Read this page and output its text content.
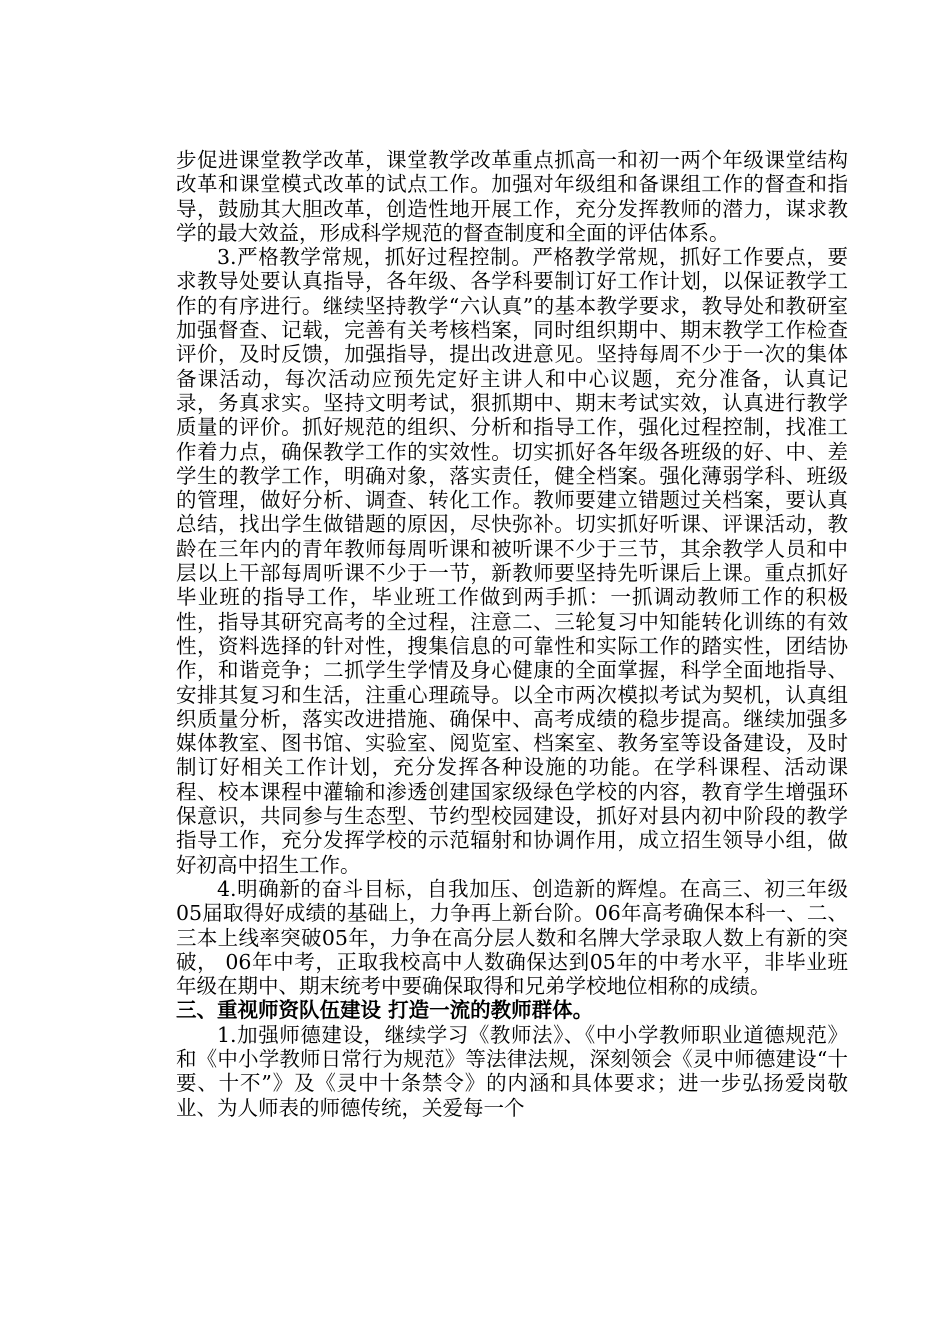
步促进课堂教学改革，课堂教学改革重点抓高一和初一两个年级课堂结构改革和课堂模式改革的试点工作。加强对年级组和备课组工作的督查和指导，鼓励其大胆改革，创造性地开展工作，充分发挥教师的潜力，谋求教学的最大效益，形成科学规范的督查制度和全面的评估体系。

3.严格教学常规，抓好过程控制。严格教学常规，抓好工作要点，要求教导处要认真指导，各年级、各学科要制订好工作计划，以保证教学工作的有序进行。继续坚持教学“六认真”的基本教学要求，教导处和教研室加强督查、记载，完善有关考核档案，同时组织期中、期末教学工作检查评价，及时反馈，加强指导，提出改进意见。坚持每周不少于一次的集体备课活动，每次活动应预先定好主讲人和中心议题，充分准备，认真记录，务真求实。坚持文明考试，狠抓期中、期末考试实效，认真进行教学质量的评价。抓好规范的组织、分析和指导工作，强化过程控制，找准工作着力点，确保教学工作的实效性。切实抓好各年级各班级的好、中、差学生的教学工作，明确对象，落实责任，健全档案。强化薄弱学科、班级的管理，做好分析、调查、转化工作。教师要建立错题过关档案，要认真总结，找出学生做错题的原因，尽快弥补。切实抓好听课、评课活动，教龄在三年内的青年教师每周听课和被听课不少于三节，其余教学人员和中层以上干部每周听课不少于一节，新教师要坚持先听课后上课。重点抓好毕业班的指导工作，毕业班工作做到两手抓：一抓调动教师工作的积极性，指导其研究高考的全过程，注意二、三轮复习中知能转化训练的有效性，资料选择的针对性，搜集信息的可靠性和实际工作的踏实性，团结协作，和谐竞争；二抓学生学情及身心健康的全面掌握，科学全面地指导、安排其复习和生活，注重心理疏导。以全市两次模拟考试为契机，认真组织质量分析，落实改进措施、确保中、高考成绩的稳步提高。继续加强多媒体教室、图书馆、实验室、阅览室、档案室、教务室等设备建设，及时制订好相关工作计划，充分发挥各种设施的功能。在学科课程、活动课程、校本课程中灌输和渗透创建国家级绿色学校的内容，教育学生增强环保意识，共同参与生态型、节约型校园建设，抓好对县内初中阶段的教学指导工作，充分发挥学校的示范辐射和协调作用，成立招生领导小组，做好初高中招生工作。

4.明确新的奋斗目标，自我加压、创造新的辉煌。在高三、初三年级05届取得好成绩的基础上，力争再上新台阶。06年高考确保本科一、二、三本上线率突破05年，力争在高分层人数和名牌大学录取人数上有新的突破， 06年中考，正取我校高中人数确保达到05年的中考水平，非毕业班年级在期中、期末统考中要确保取得和兄弟学校地位相称的成绩。

三、重视师资队伍建设 打造一流的教师群体。

1.加强师德建设，继续学习《教师法》、《中小学教师职业道德规范》和《中小学教师日常行为规范》等法律法规，深刻领会《灵中师德建设“十要、十不”》及《灵中十条禁令》的内涵和具体要求；进一步弘扬爱岗敬业、为人师表的师德传统，关爱每一个
